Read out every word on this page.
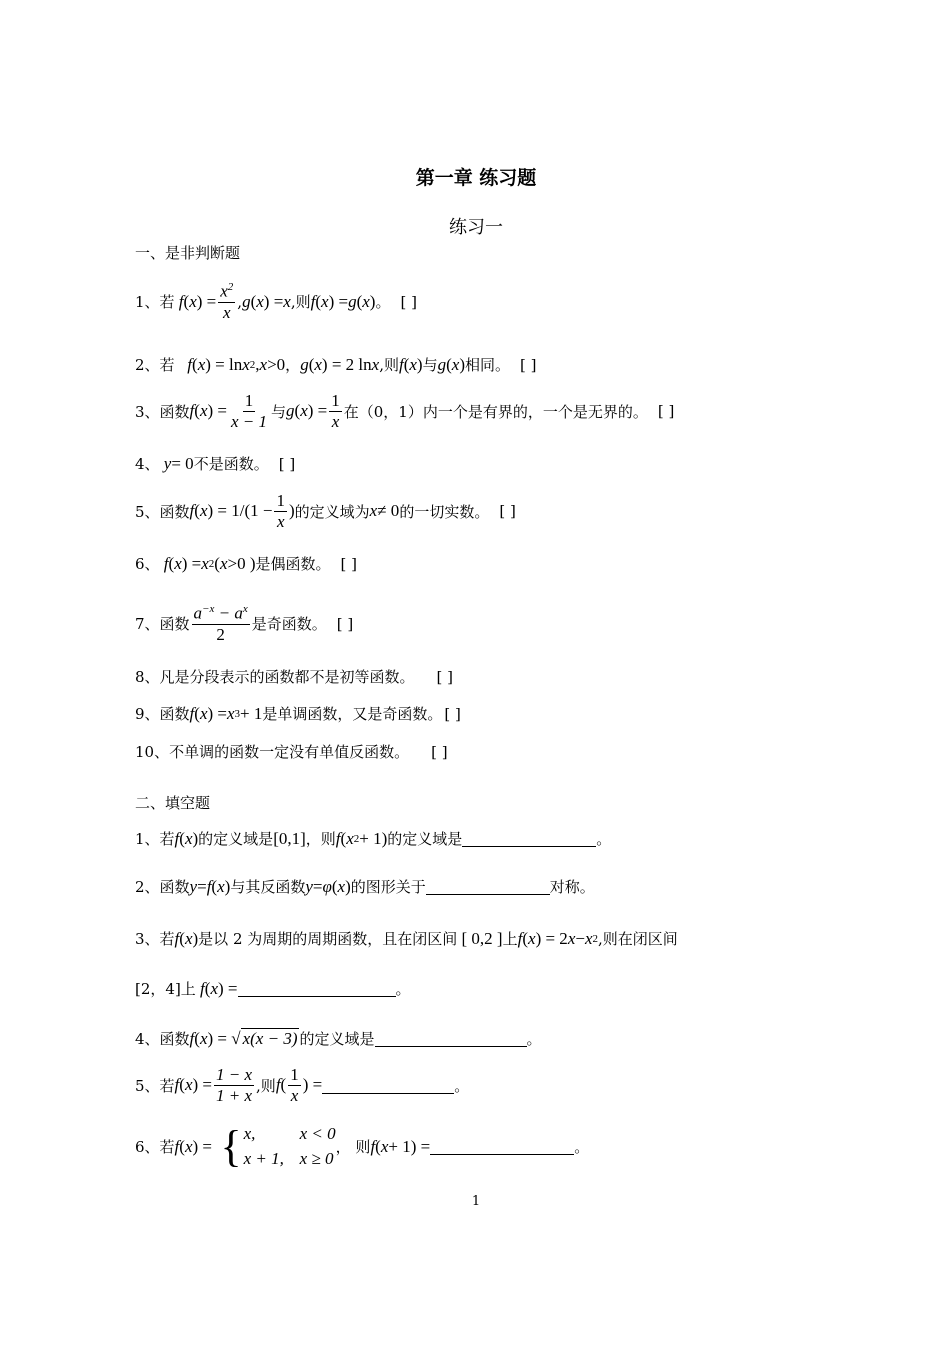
第一章 练习题
练习一
一、是非判断题
1、若 f ( x ) = $\frac{x^2}{x}$ , g ( x ) = x ,则 f ( x ) = g ( x ) 。 [ ]
2、若 f ( x ) = ln x 2 , x >0 ， g ( x ) = 2 ln x ,则 f ( x ) 与 g ( x ) 相同。 [ ]
3、函数 f ( x ) = $\frac{1}{x - 1}$ 与 g ( x ) = $\frac{1}{x}$ 在（0，1）内一个是有界的，一个是无界的。 [ ]
4、 y = 0 不是函数。 [ ]
5、函数 f ( x ) = $1/(1 - \frac{1}{x}$ ) 的定义域为 x ≠ 0 的一切实数。 [ ]
6、 f ( x ) = x 2 ( x >0 ) 是偶函数。 [ ]
7、函数 $\frac{a^{-x} - a^x}{2}$ 是奇函数。 [ ]
8、凡是分段表示的函数都不是初等函数。 [ ]
9、函数 f ( x ) = x 3 + 1 是单调函数，又是奇函数。 [ ]
10、不单调的函数一定没有单值反函数。 [ ]
二、填空题
1、若 f ( x ) 的定义域是 [0,1] ，则 f ( x 2 + 1) 的定义域是	。
2、函数 y = f ( x ) 与其反函数 y = φ ( x ) 的图形关于	对称。
3、若 f ( x ) 是以 2 为周期的周期函数，且在闭区间 [ 0,2 ] 上 f ( x ) = 2 x − x 2 ,则在闭区间
[2，4]上 f ( x ) =	。
4、函数 f ( x ) = √ x(x − 3) 的定义域是	。
5、若 f ( x ) = $\frac{1 - x}{1 + x}$ ,则 f ( $\frac{1}{x}$ ) =	。
6、若 f ( x ) = { x,	x < 0
x + 1, x ≥ 0
， 则 f ( x + 1) =	。
1
